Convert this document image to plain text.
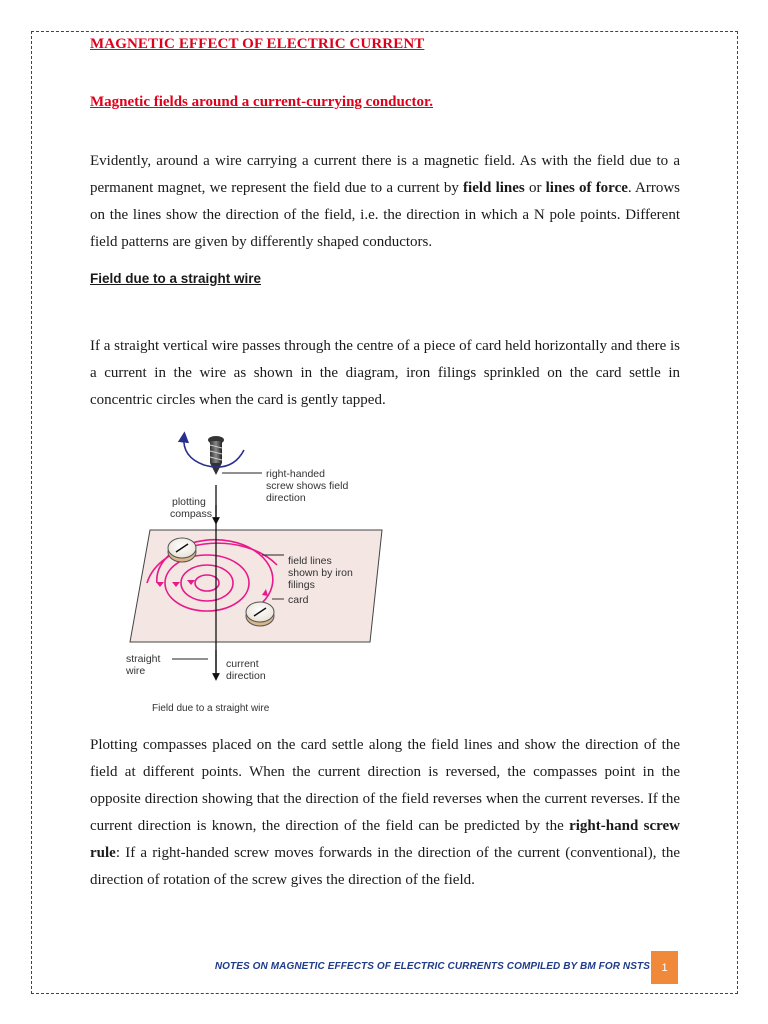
MAGNETIC EFFECT OF ELECTRIC CURRENT
Magnetic fields around a current-currying conductor.

Evidently, around a wire carrying a current there is a magnetic field. As with the field due to a permanent magnet, we represent the field due to a current by field lines or lines of force. Arrows on the lines show the direction of the field, i.e. the direction in which a N pole points. Different field patterns are given by differently shaped conductors.

Field due to a straight wire

If a straight vertical wire passes through the centre of a piece of card held horizontally and there is a current in the wire as shown in the diagram, iron filings sprinkled on the card settle in concentric circles when the card is gently tapped.

right-handed
screw shows field
direction
plotting
compass
field lines
shown by iron
filings
card
straight
wire
current
direction
Field due to a straight wire

Plotting compasses placed on the card settle along the field lines and show the direction of the field at different points. When the current direction is reversed, the compasses point in the opposite direction showing that the direction of the field reverses when the current reverses. If the current direction is known, the direction of the field can be predicted by the right-hand screw rule: If a right-handed screw moves forwards in the direction of the current (conventional), the direction of rotation of the screw gives the direction of the field.

NOTES ON MAGNETIC EFFECTS OF ELECTRIC CURRENTS COMPILED BY BM FOR NSTS	1
